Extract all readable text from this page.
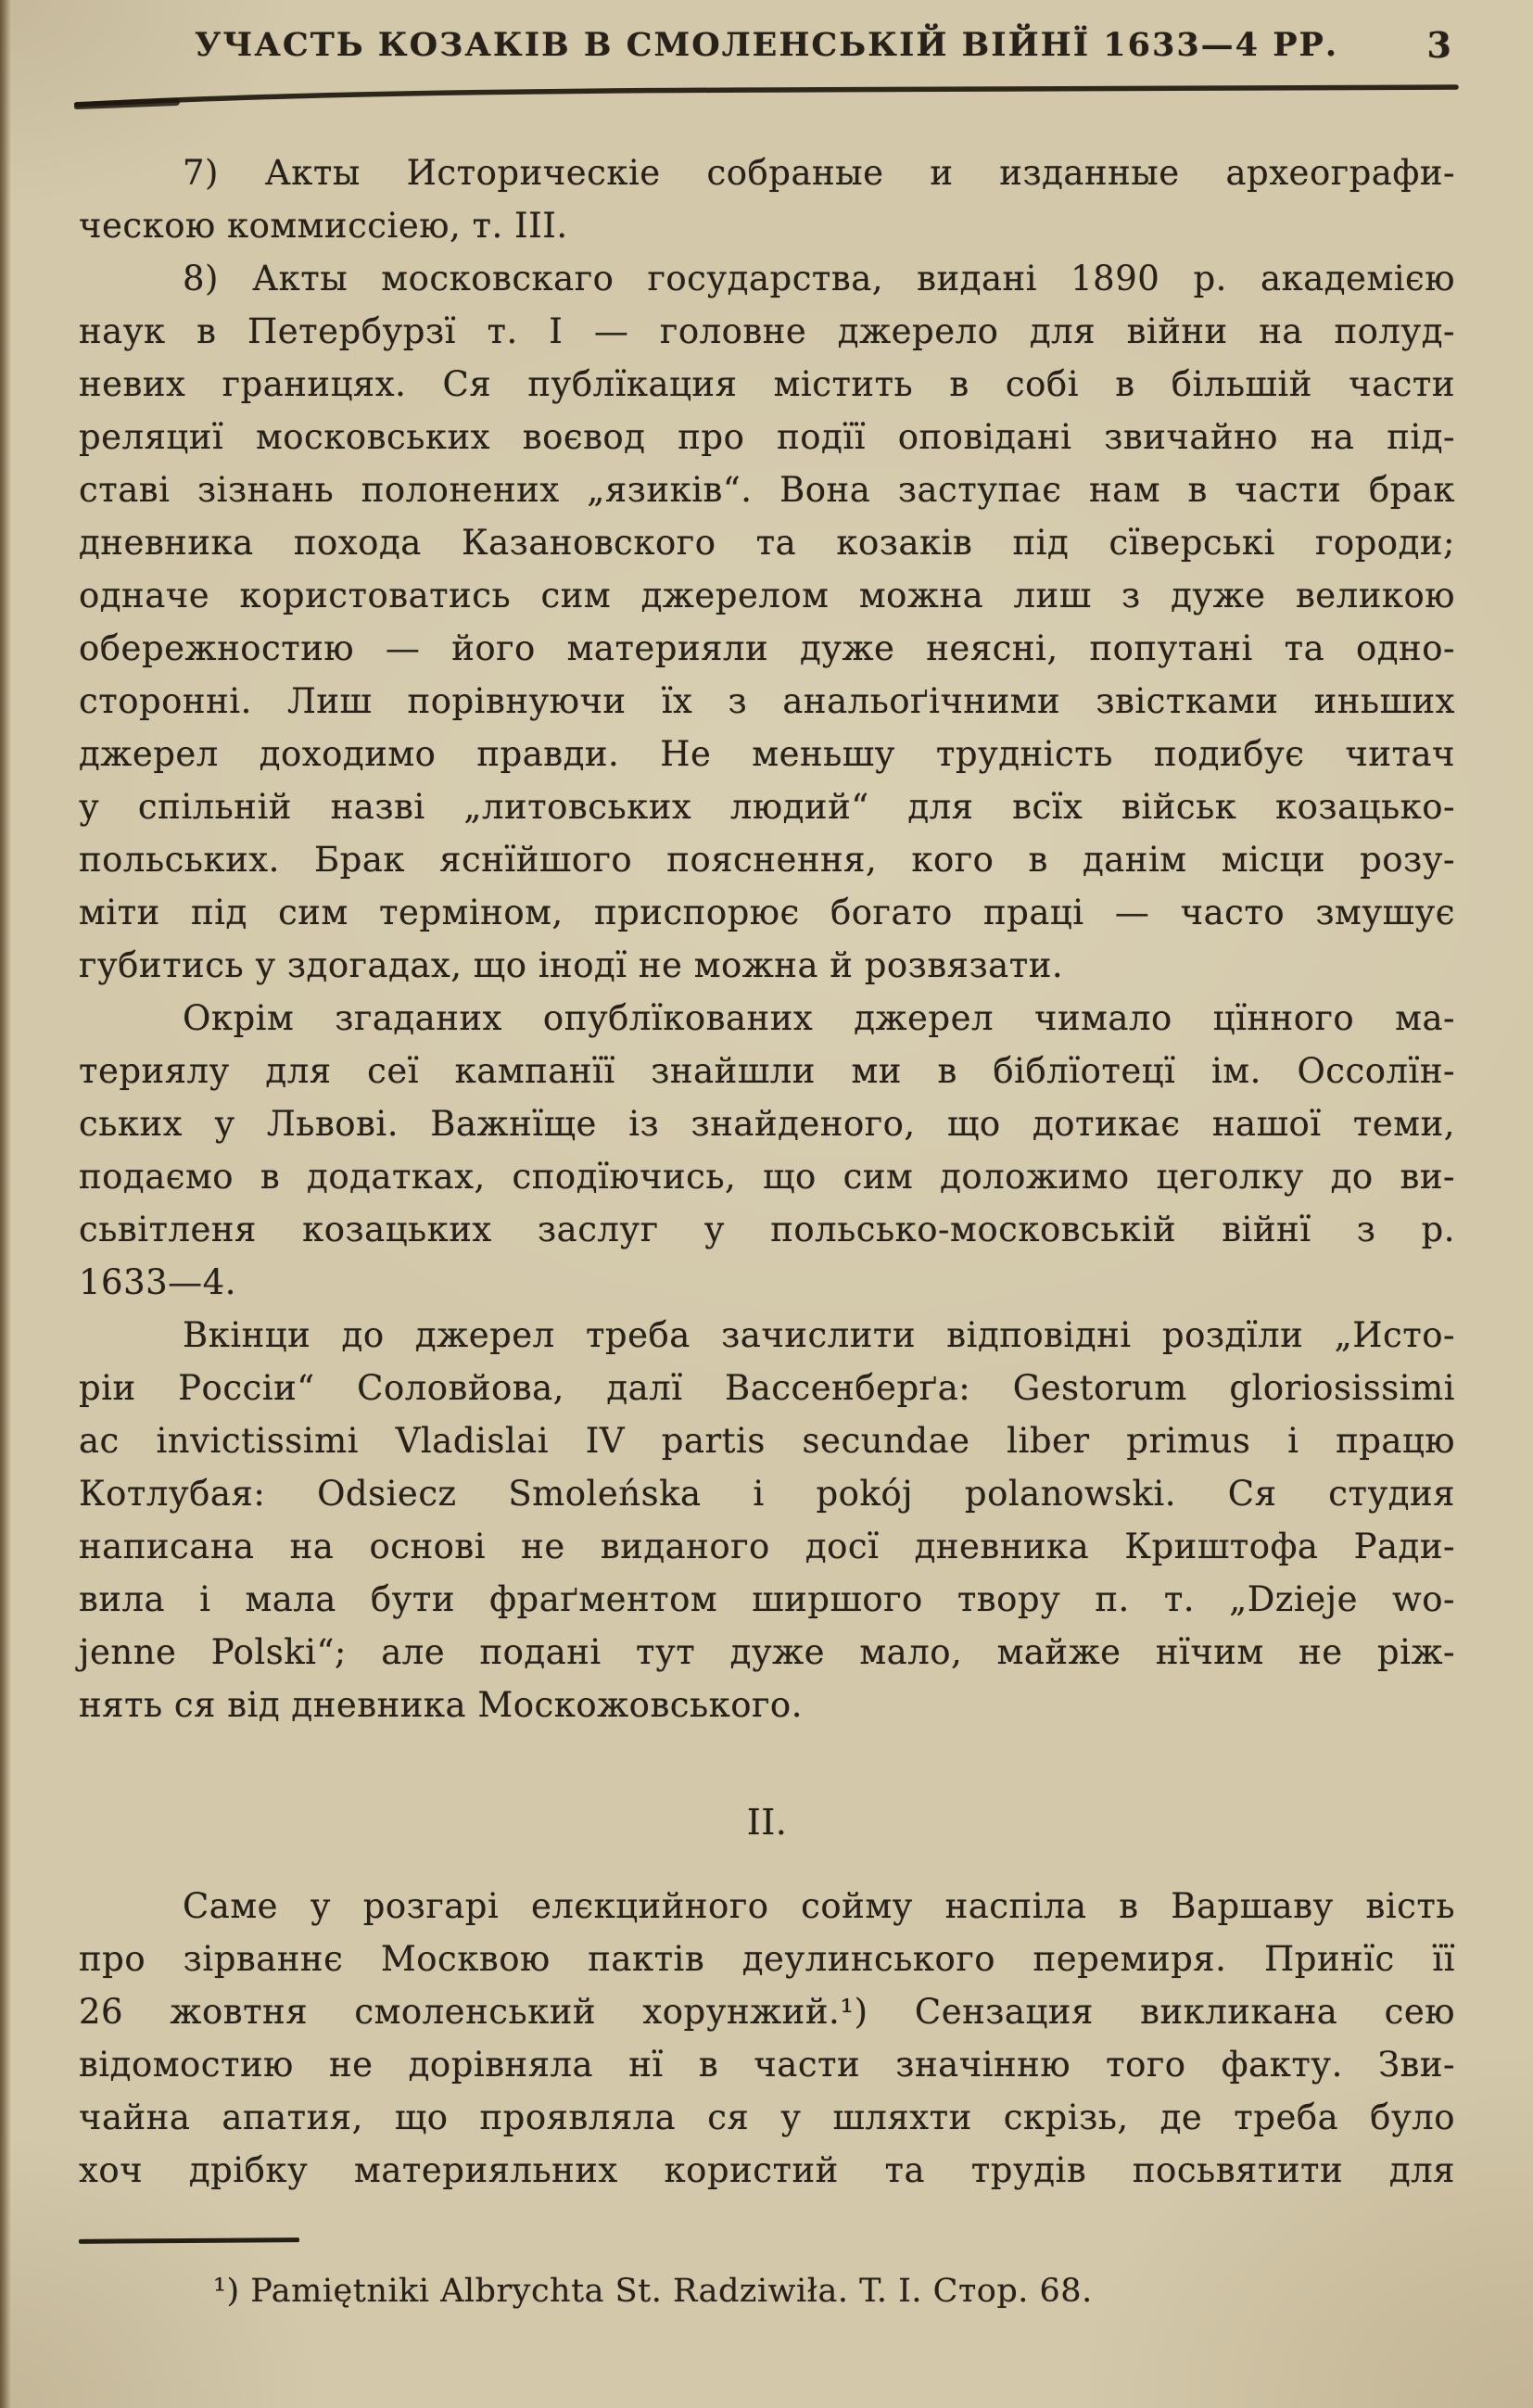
УЧАСТЬ КОЗАКІВ В СМОЛЕНСЬКІЙ ВІЙНЇ 1633—4 РР.	3
7) Акты Историческіе собраные и изданные археографи-
ческою коммиссіею, т. III.
8) Акты московскаго государства, видані 1890 р. академією
наук в Петербурзї т. I — головне джерело для війни на полуд-
невих границях. Ся публїкация містить в собі в більшій части
реляциї московських воєвод про подїї оповідані звичайно на під-
ставі зізнань полонених „язиків“. Вона заступає нам в части брак
дневника похода Казановского та козаків під сїверські городи;
одначе користоватись сим джерелом можна лиш з дуже великою
обережностию — його материяли дуже неясні, попутані та одно-
сторонні. Лиш порівнуючи їх з анальоґічними звістками иньших
джерел доходимо правди. Не меньшу трудність подибує читач
у спільній назві „литовських людий“ для всїх військ козацько-
польських. Брак яснїйшого пояснення, кого в данім місци розу-
міти під сим терміном, приспорює богато праці — часто змушує
губитись у здогадах, що інодї не можна й розвязати.
Окрім згаданих опублїкованих джерел чимало цїнного ма-
териялу для сеї кампанїї знайшли ми в біблїотецї ім. Оссолїн-
ських у Львові. Важнїще із знайденого, що дотикає нашої теми,
подаємо в додатках, сподїючись, що сим доложимо цеголку до ви-
сьвітленя козацьких заслуг у польсько-московській війнї з р.
1633—4.
Вкінци до джерел треба зачислити відповідні роздїли „Исто-
ріи Россіи“ Соловйова, далї Вассенберґа: Gestorum gloriosissimi
ac invictissimi Vladislai IV partis secundae liber primus і працю
Котлубая: Odsiecz Smoleńska і pokój polanowski. Ся студия
написана на основі не виданого досї дневника Криштофа Ради-
вила і мала бути фраґментом ширшого твору п. т. „Dzieje wo-
jenne Polski“; але подані тут дуже мало, майже нїчим не ріж-
нять ся від дневника Москожовського.
II.
Саме у розгарі елєкцийного сойму наспіла в Варшаву вість
про зірваннє Москвою пактів деулинського перемиря. Принїс її
26 жовтня смоленський хорунжий.¹) Сензация викликана сею
відомостию не дорівняла нї в части значінню того факту. Зви-
чайна апатия, що проявляла ся у шляхти скрізь, де треба було
хоч дрібку материяльних користий та трудів посьвятити для
¹) Pamiętniki Albrychta St. Radziwiła. T. I. Стор. 68.
